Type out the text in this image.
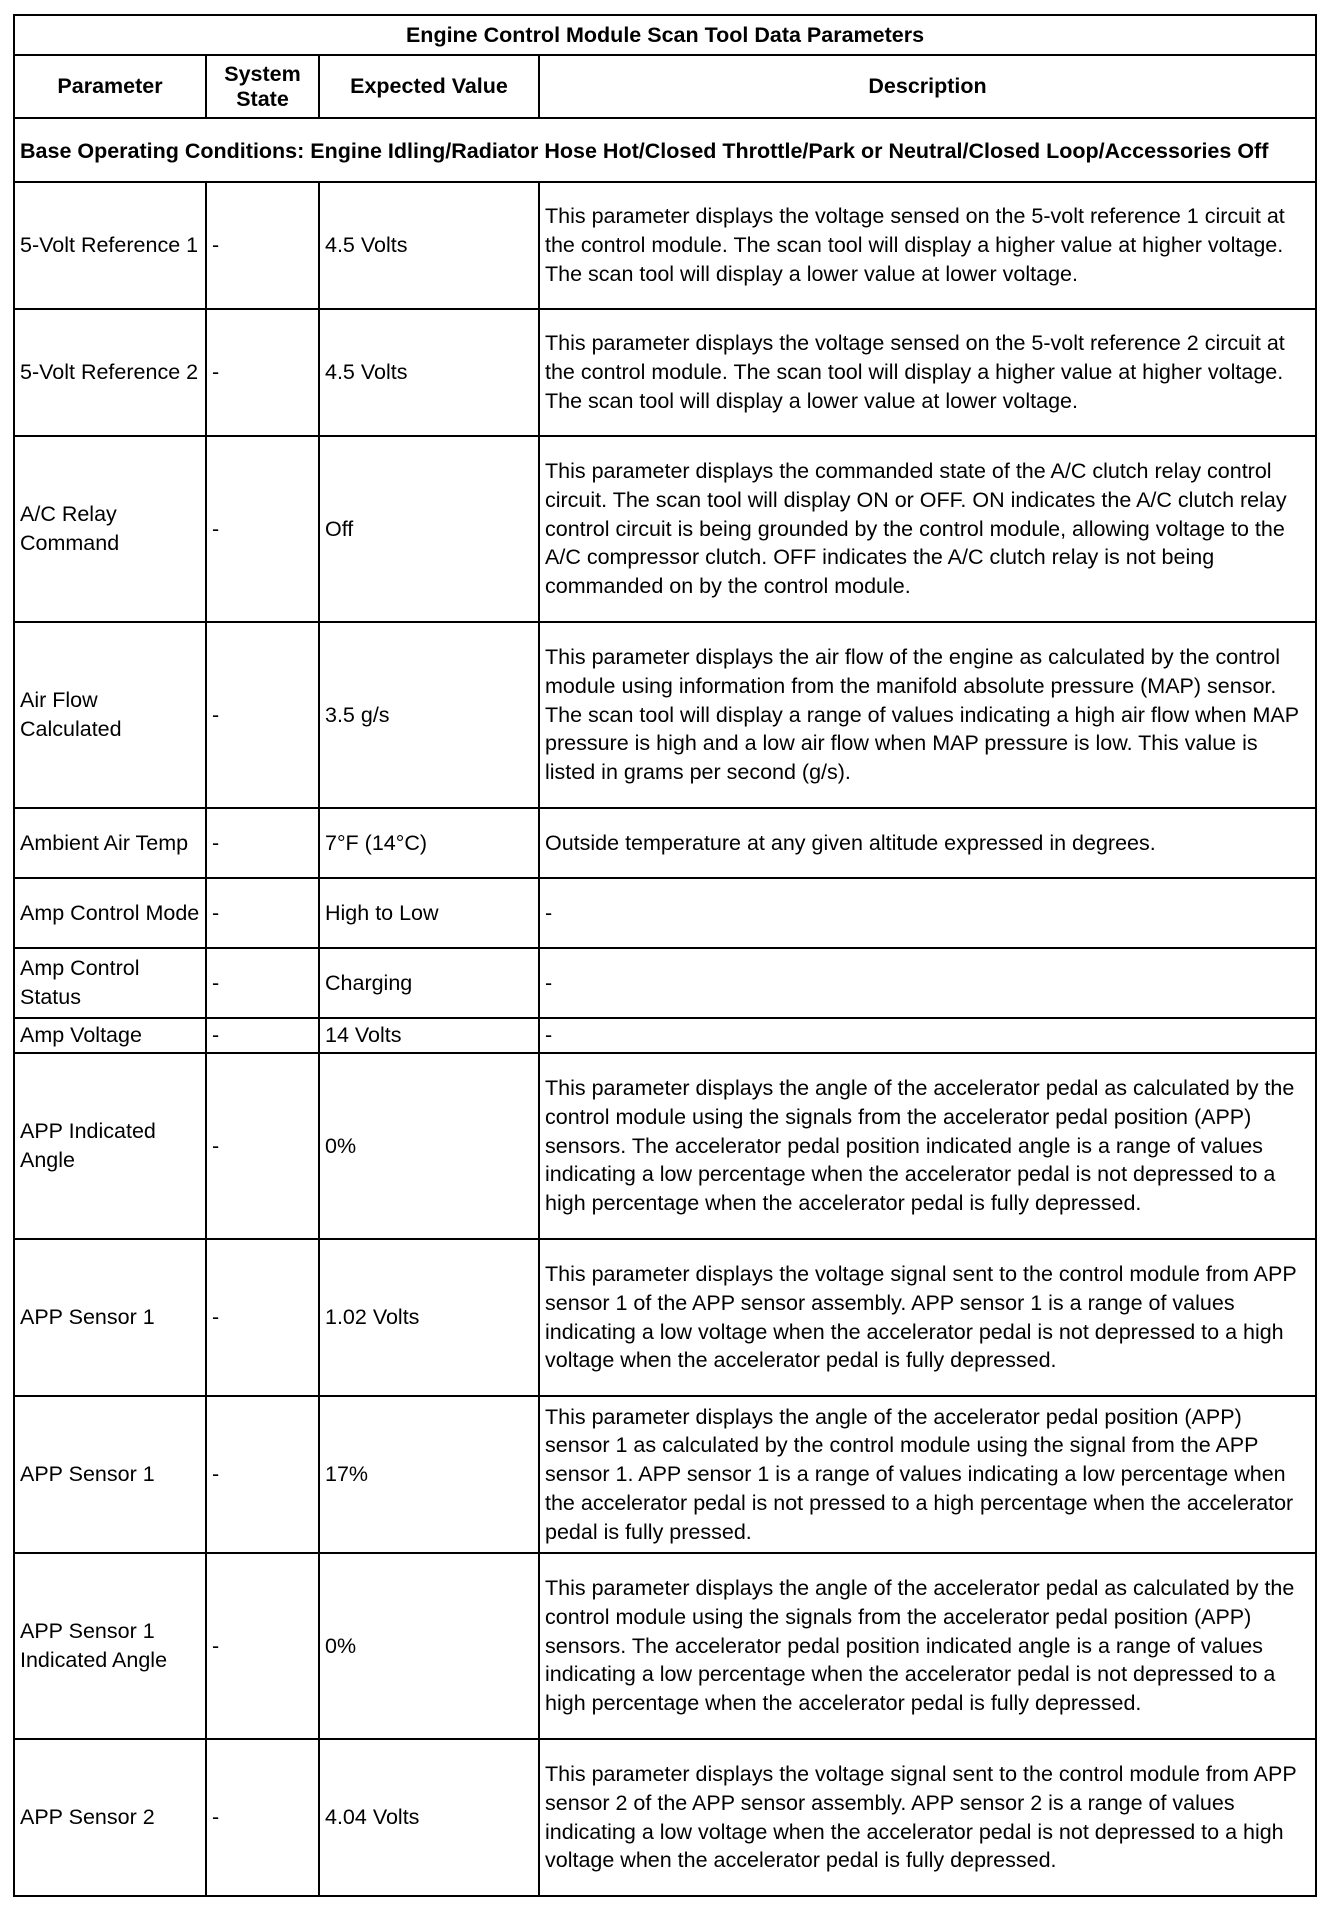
Engine Control Module Scan Tool Data Parameters			
Parameter	System State	Expected Value	Description
Base Operating Conditions: Engine Idling/Radiator Hose Hot/Closed Throttle/Park or Neutral/Closed Loop/Accessories Off			
5-Volt Reference 1	-	4.5 Volts	This parameter displays the voltage sensed on the 5-volt reference 1 circuit at the control module. The scan tool will display a higher value at higher voltage. The scan tool will display a lower value at lower voltage.
5-Volt Reference 2	-	4.5 Volts	This parameter displays the voltage sensed on the 5-volt reference 2 circuit at the control module. The scan tool will display a higher value at higher voltage. The scan tool will display a lower value at lower voltage.
A/C Relay Command	-	Off	This parameter displays the commanded state of the A/C clutch relay control circuit. The scan tool will display ON or OFF. ON indicates the A/C clutch relay control circuit is being grounded by the control module, allowing voltage to the A/C compressor clutch. OFF indicates the A/C clutch relay is not being commanded on by the control module.
Air Flow Calculated	-	3.5 g/s	This parameter displays the air flow of the engine as calculated by the control module using information from the manifold absolute pressure (MAP) sensor. The scan tool will display a range of values indicating a high air flow when MAP pressure is high and a low air flow when MAP pressure is low. This value is listed in grams per second (g/s).
Ambient Air Temp	-	7°F (14°C)	Outside temperature at any given altitude expressed in degrees.
Amp Control Mode	-	High to Low	-
Amp Control Status	-	Charging	-
Amp Voltage	-	14 Volts	-
APP Indicated Angle	-	0%	This parameter displays the angle of the accelerator pedal as calculated by the control module using the signals from the accelerator pedal position (APP) sensors. The accelerator pedal position indicated angle is a range of values indicating a low percentage when the accelerator pedal is not depressed to a high percentage when the accelerator pedal is fully depressed.
APP Sensor 1	-	1.02 Volts	This parameter displays the voltage signal sent to the control module from APP sensor 1 of the APP sensor assembly. APP sensor 1 is a range of values indicating a low voltage when the accelerator pedal is not depressed to a high voltage when the accelerator pedal is fully depressed.
APP Sensor 1	-	17%	This parameter displays the angle of the accelerator pedal position (APP) sensor 1 as calculated by the control module using the signal from the APP sensor 1. APP sensor 1 is a range of values indicating a low percentage when the accelerator pedal is not pressed to a high percentage when the accelerator pedal is fully pressed.
APP Sensor 1 Indicated Angle	-	0%	This parameter displays the angle of the accelerator pedal as calculated by the control module using the signals from the accelerator pedal position (APP) sensors. The accelerator pedal position indicated angle is a range of values indicating a low percentage when the accelerator pedal is not depressed to a high percentage when the accelerator pedal is fully depressed.
APP Sensor 2	-	4.04 Volts	This parameter displays the voltage signal sent to the control module from APP sensor 2 of the APP sensor assembly. APP sensor 2 is a range of values indicating a low voltage when the accelerator pedal is not depressed to a high voltage when the accelerator pedal is fully depressed.
